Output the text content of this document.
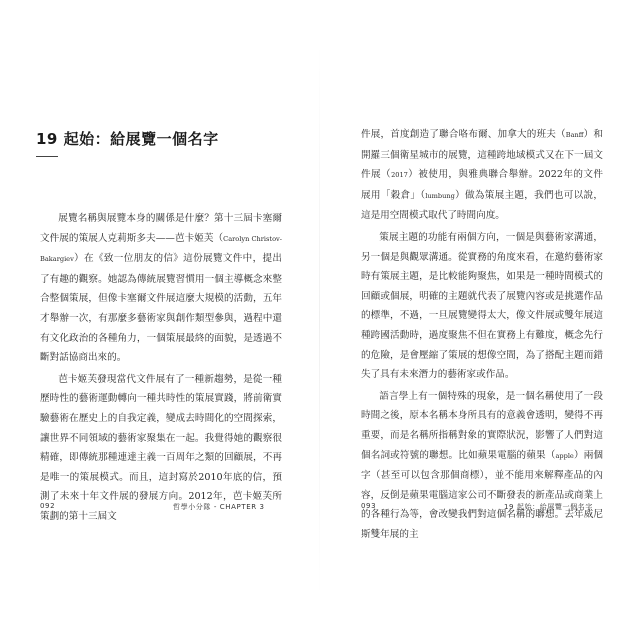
19 起始：給展覽一個名字

展覽名稱與展覽本身的關係是什麼？第十三屆卡塞爾文件展的策展人克莉斯多夫——芭卡姬芙（Carolyn Christov-Bakargiev）在《致一位朋友的信》這份展覽文件中，提出了有趣的觀察。她認為傳統展覽習慣用一個主導概念來整合整個策展，但像卡塞爾文件展這麼大規模的活動，五年才舉辦一次，有那麼多藝術家與創作類型參與，過程中還有文化政治的各種角力，一個策展最終的面貌，是透過不斷對話協商出來的。

芭卡姬芙發現當代文件展有了一種新趨勢，是從一種歷時性的藝術運動轉向一種共時性的策展實踐，將前衛實驗藝術在歷史上的自我定義，變成去時間化的空間探索，讓世界不同領域的藝術家聚集在一起。我覺得她的觀察很精確，即傳統那種連達主義一百周年之類的回顧展，不再是唯一的策展模式。而且，這封寫於2010年底的信，預測了未來十年文件展的發展方向。2012年，芭卡姬芙所策劃的第十三屆文

092	哲學小分隊 - CHAPTER 3

件展，首度創造了聯合咯布爾、加拿大的班夫（Banff）和開羅三個衛星城市的展覽，這種跨地域模式又在下一屆文件展（2017）被使用，與雅典聯合舉辦。2022年的文件展用「穀倉」（lumbung）做為策展主題，我們也可以說，這是用空間模式取代了時間向度。

策展主題的功能有兩個方向，一個是與藝術家溝通，另一個是與觀眾溝通。從實務的角度來看，在邀約藝術家時有策展主題，是比較能夠聚焦，如果是一種時間模式的回顧或個展，明確的主題就代表了展覽內容或是挑選作品的標準，不過，一旦展覽變得太大，像文件展或雙年展這種跨國活動時，過度聚焦不但在實務上有難度，概念先行的危險，是會壓縮了策展的想像空間，為了搭配主題而錯失了具有未來潛力的藝術家或作品。

語言學上有一個特殊的現象，是一個名稱使用了一段時間之後，原本名稱本身所具有的意義會透明，變得不再重要，而是名稱所指稱對象的實際狀況，影響了人們對這個名詞或符號的聯想。比如蘋果電腦的蘋果（apple）兩個字（甚至可以包含那個商標），並不能用來解釋產品的內容，反倒是蘋果電腦這家公司不斷發表的新產品或商業上的各種行為等，會改變我們對這個名稱的聯想。去年威尼斯雙年展的主

093	19 起始：給展覽一個名字
